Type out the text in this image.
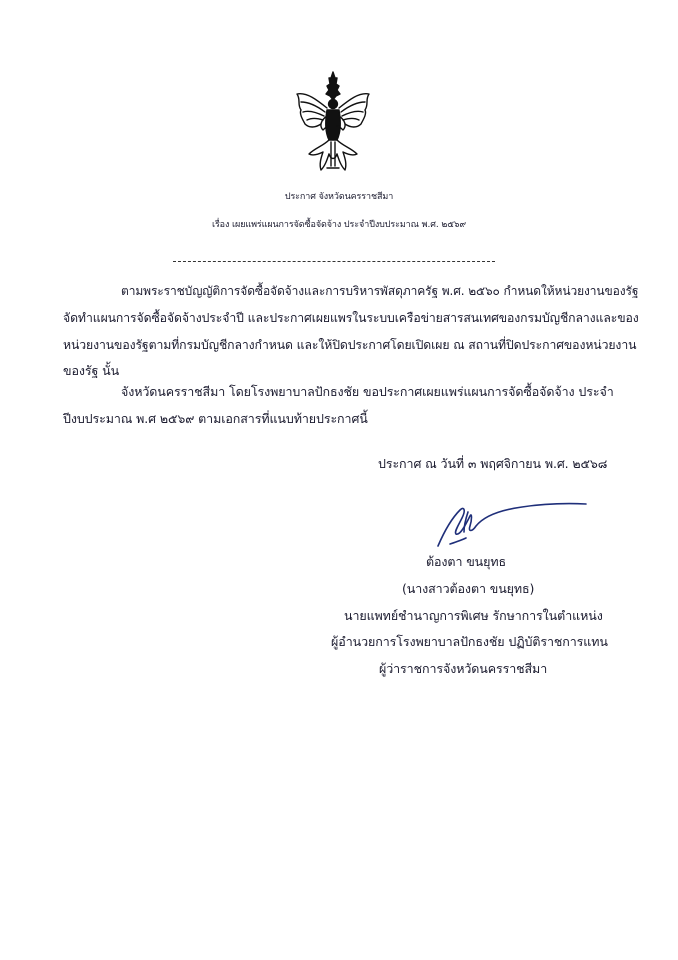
ประกาศ จังหวัดนครราชสีมา
เรื่อง เผยแพร่แผนการจัดซื้อจัดจ้าง ประจำปีงบประมาณ พ.ศ. ๒๕๖๙
ตามพระราชบัญญัติการจัดซื้อจัดจ้างและการบริหารพัสดุภาครัฐ พ.ศ. ๒๕๖๐ กำหนดให้หน่วยงานของรัฐ
จัดทำแผนการจัดซื้อจัดจ้างประจำปี และประกาศเผยแพรในระบบเครือข่ายสารสนเทศของกรมบัญชีกลางและของ
หน่วยงานของรัฐตามที่กรมบัญชีกลางกำหนด และให้ปิดประกาศโดยเปิดเผย ณ สถานที่ปิดประกาศของหน่วยงาน
ของรัฐ นั้น
จังหวัดนครราชสีมา โดยโรงพยาบาลปักธงชัย ขอประกาศเผยแพร่แผนการจัดซื้อจัดจ้าง ประจำ
ปีงบประมาณ พ.ศ ๒๕๖๙ ตามเอกสารที่แนบท้ายประกาศนี้
ประกาศ ณ วันที่ ๓ พฤศจิกายน พ.ศ. ๒๕๖๘
ต้องตา ขนยุทธ
(นางสาวต้องตา ขนยุทธ)
นายแพทย์ชำนาญการพิเศษ รักษาการในตำแหน่ง
ผู้อำนวยการโรงพยาบาลปักธงชัย ปฏิบัติราชการแทน
ผู้ว่าราชการจังหวัดนครราชสีมา
